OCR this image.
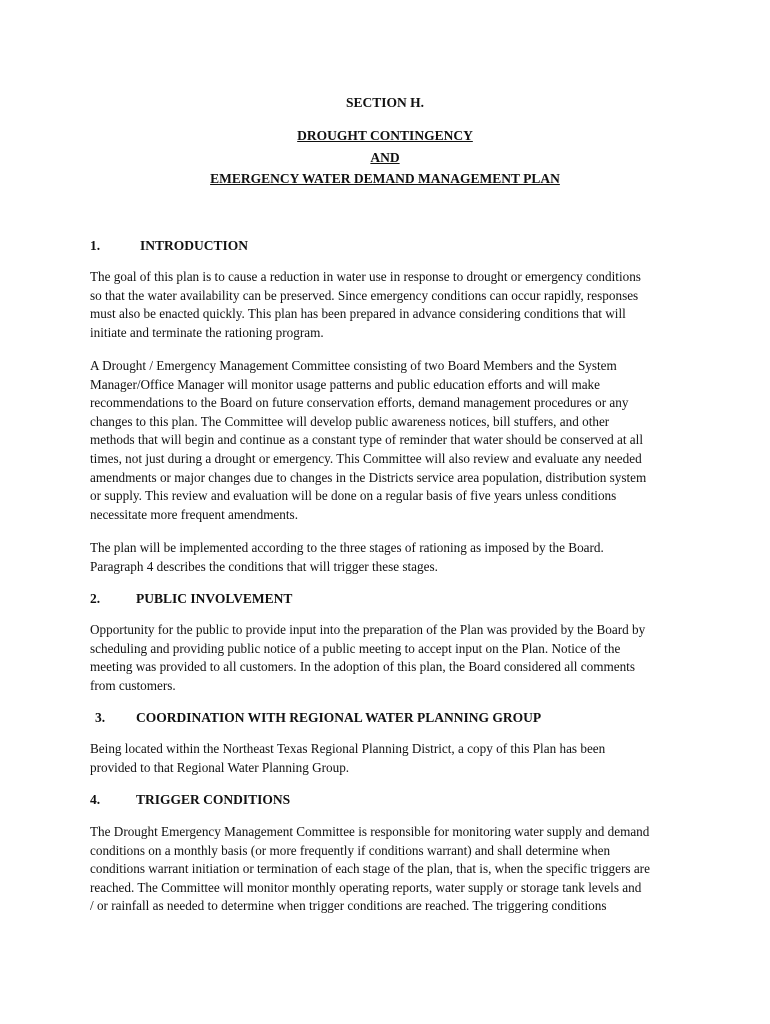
SECTION H.
DROUGHT CONTINGENCY
AND
EMERGENCY WATER DEMAND MANAGEMENT PLAN
1.	INTRODUCTION
The goal of this plan is to cause a reduction in water use in response to drought or emergency conditions
so that the water availability can be preserved. Since emergency conditions can occur rapidly, responses
must also be enacted quickly. This plan has been prepared in advance considering conditions that will
initiate and terminate the rationing program.
A Drought / Emergency Management Committee consisting of two Board Members and the System
Manager/Office Manager will monitor usage patterns and public education efforts and will make
recommendations to the Board on future conservation efforts, demand management procedures or any
changes to this plan. The Committee will develop public awareness notices, bill stuffers, and other
methods that will begin and continue as a constant type of reminder that water should be conserved at all
times, not just during a drought or emergency. This Committee will also review and evaluate any needed
amendments or major changes due to changes in the Districts service area population, distribution system
or supply. This review and evaluation will be done on a regular basis of five years unless conditions
necessitate more frequent amendments.
The plan will be implemented according to the three stages of rationing as imposed by the Board.
Paragraph 4 describes the conditions that will trigger these stages.
2.	PUBLIC INVOLVEMENT
Opportunity for the public to provide input into the preparation of the Plan was provided by the Board by
scheduling and providing public notice of a public meeting to accept input on the Plan. Notice of the
meeting was provided to all customers. In the adoption of this plan, the Board considered all comments
from customers.
3. COORDINATION WITH REGIONAL WATER PLANNING GROUP
Being located within the Northeast Texas Regional Planning District, a copy of this Plan has been
provided to that Regional Water Planning Group.
4.	TRIGGER CONDITIONS
The Drought Emergency Management Committee is responsible for monitoring water supply and demand
conditions on a monthly basis (or more frequently if conditions warrant) and shall determine when
conditions warrant initiation or termination of each stage of the plan, that is, when the specific triggers are
reached. The Committee will monitor monthly operating reports, water supply or storage tank levels and
/ or rainfall as needed to determine when trigger conditions are reached. The triggering conditions
